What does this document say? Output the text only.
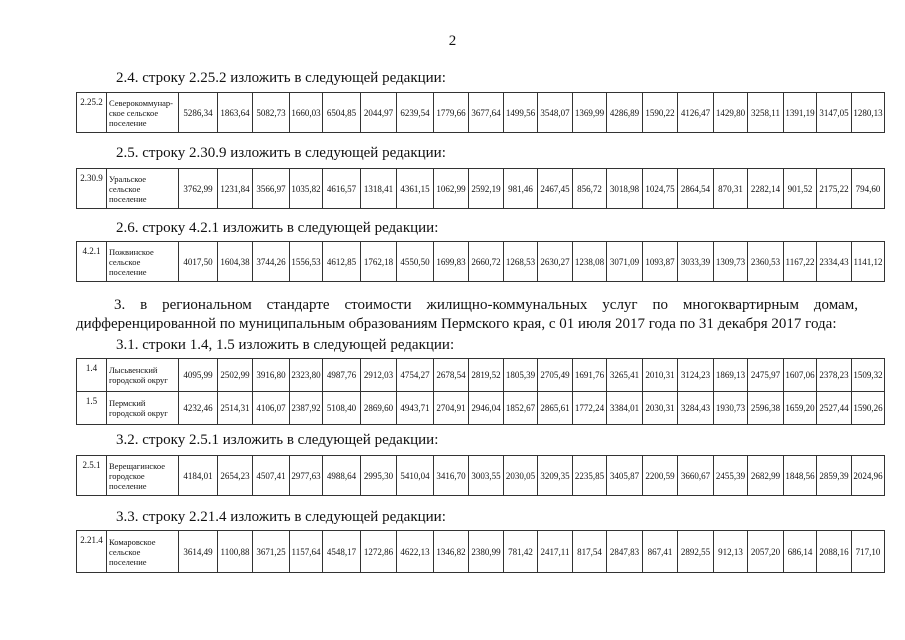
2
2.4. строку 2.25.2 изложить в следующей редакции:
2.5. строку 2.30.9 изложить в следующей редакции:
2.6. строку 4.2.1 изложить в следующей редакции:
3. в региональном стандарте стоимости жилищно-коммунальных услуг по многоквартирным домам,
дифференцированной по муниципальным образованиям Пермского края, с 01 июля 2017 года по 31 декабря 2017 года:
3.1. строки 1.4, 1.5 изложить в следующей редакции:
3.2. строку 2.5.1 изложить в следующей редакции:
3.3. строку 2.21.4 изложить в следующей редакции:
2.25.2	Северокоммунар-ское сельское поселение	5286,34	1863,64	5082,73	1660,03	6504,85	2044,97	6239,54	1779,66	3677,64	1499,56	3548,07	1369,99	4286,89	1590,22	4126,47	1429,80	3258,11	1391,19	3147,05	1280,13
2.30.9	Уральское сельское поселение	3762,99	1231,84	3566,97	1035,82	4616,57	1318,41	4361,15	1062,99	2592,19	981,46	2467,45	856,72	3018,98	1024,75	2864,54	870,31	2282,14	901,52	2175,22	794,60
4.2.1	Пожвинское сельское поселение	4017,50	1604,38	3744,26	1556,53	4612,85	1762,18	4550,50	1699,83	2660,72	1268,53	2630,27	1238,08	3071,09	1093,87	3033,39	1309,73	2360,53	1167,22	2334,43	1141,12
1.4	Лысьвенский городской округ	4095,99	2502,99	3916,80	2323,80	4987,76	2912,03	4754,27	2678,54	2819,52	1805,39	2705,49	1691,76	3265,41	2010,31	3124,23	1869,13	2475,97	1607,06	2378,23	1509,32
1.5	Пермский городской округ	4232,46	2514,31	4106,07	2387,92	5108,40	2869,60	4943,71	2704,91	2946,04	1852,67	2865,61	1772,24	3384,01	2030,31	3284,43	1930,73	2596,38	1659,20	2527,44	1590,26
2.5.1	Верещагинское городское поселение	4184,01	2654,23	4507,41	2977,63	4988,64	2995,30	5410,04	3416,70	3003,55	2030,05	3209,35	2235,85	3405,87	2200,59	3660,67	2455,39	2682,99	1848,56	2859,39	2024,96
2.21.4	Комаровское сельское поселение	3614,49	1100,88	3671,25	1157,64	4548,17	1272,86	4622,13	1346,82	2380,99	781,42	2417,11	817,54	2847,83	867,41	2892,55	912,13	2057,20	686,14	2088,16	717,10
